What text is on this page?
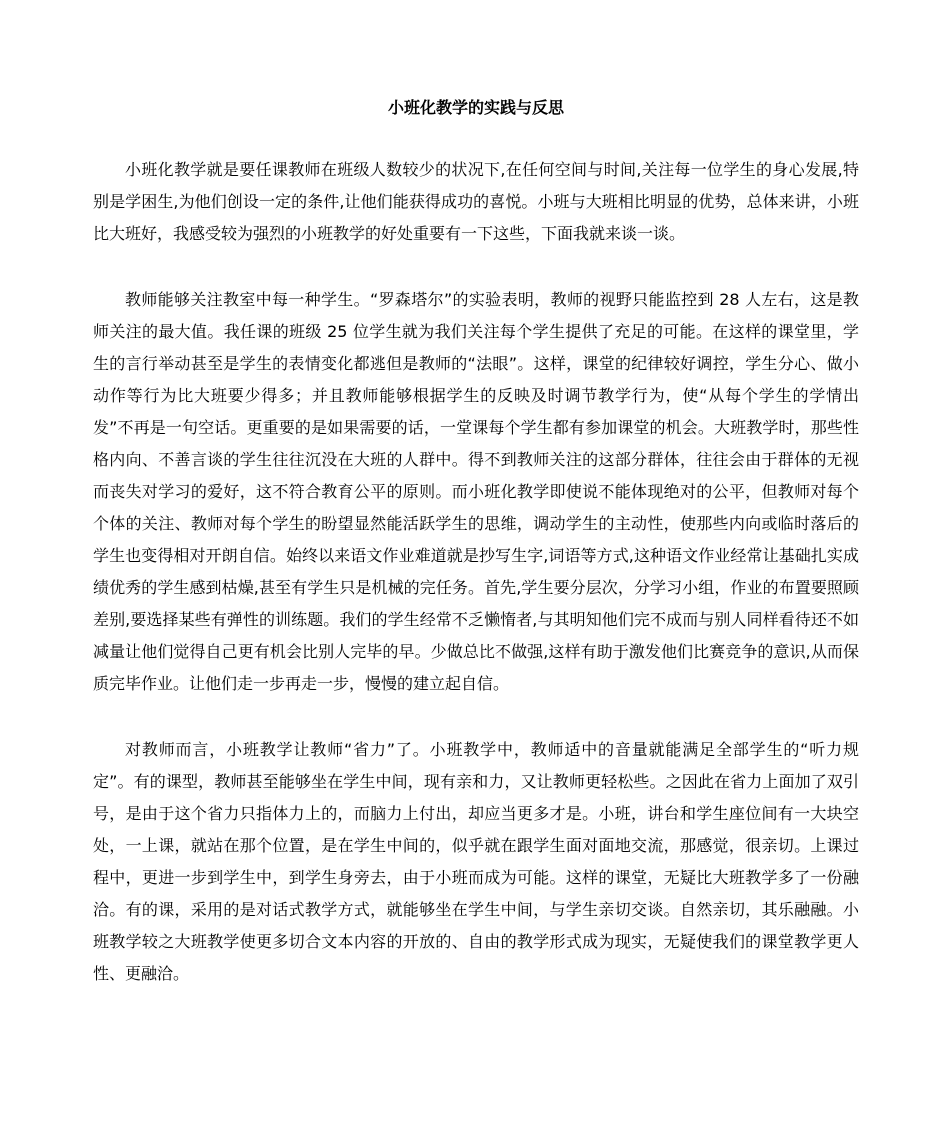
小班化教学的实践与反思

小班化教学就是要任课教师在班级人数较少的状况下,在任何空间与时间,关注每一位学生的身心发展,特别是学困生,为他们创设一定的条件,让他们能获得成功的喜悦。小班与大班相比明显的优势，总体来讲，小班比大班好，我感受较为强烈的小班教学的好处重要有一下这些，下面我就来谈一谈。

教师能够关注教室中每一种学生。“罗森塔尔”的实验表明，教师的视野只能监控到 28 人左右，这是教师关注的最大值。我任课的班级 25 位学生就为我们关注每个学生提供了充足的可能。在这样的课堂里，学生的言行举动甚至是学生的表情变化都逃但是教师的“法眼”。这样，课堂的纪律较好调控，学生分心、做小动作等行为比大班要少得多；并且教师能够根据学生的反映及时调节教学行为，使“从每个学生的学情出发”不再是一句空话。更重要的是如果需要的话，一堂课每个学生都有参加课堂的机会。大班教学时，那些性格内向、不善言谈的学生往往沉没在大班的人群中。得不到教师关注的这部分群体，往往会由于群体的无视而丧失对学习的爱好，这不符合教育公平的原则。而小班化教学即使说不能体现绝对的公平，但教师对每个个体的关注、教师对每个学生的盼望显然能活跃学生的思维，调动学生的主动性，使那些内向或临时落后的学生也变得相对开朗自信。始终以来语文作业难道就是抄写生字,词语等方式,这种语文作业经常让基础扎实成绩优秀的学生感到枯燥,甚至有学生只是机械的完任务。首先,学生要分层次，分学习小组，作业的布置要照顾差别,要选择某些有弹性的训练题。我们的学生经常不乏懒惰者,与其明知他们完不成而与别人同样看待还不如减量让他们觉得自己更有机会比别人完毕的早。少做总比不做强,这样有助于激发他们比赛竞争的意识,从而保质完毕作业。让他们走一步再走一步，慢慢的建立起自信。

对教师而言，小班教学让教师“省力”了。小班教学中，教师适中的音量就能满足全部学生的“听力规定”。有的课型，教师甚至能够坐在学生中间，现有亲和力，又让教师更轻松些。之因此在省力上面加了双引号，是由于这个省力只指体力上的，而脑力上付出，却应当更多才是。小班，讲台和学生座位间有一大块空处，一上课，就站在那个位置，是在学生中间的，似乎就在跟学生面对面地交流，那感觉，很亲切。上课过程中，更进一步到学生中，到学生身旁去，由于小班而成为可能。这样的课堂，无疑比大班教学多了一份融洽。有的课，采用的是对话式教学方式，就能够坐在学生中间，与学生亲切交谈。自然亲切，其乐融融。小班教学较之大班教学使更多切合文本内容的开放的、自由的教学形式成为现实，无疑使我们的课堂教学更人性、更融洽。
